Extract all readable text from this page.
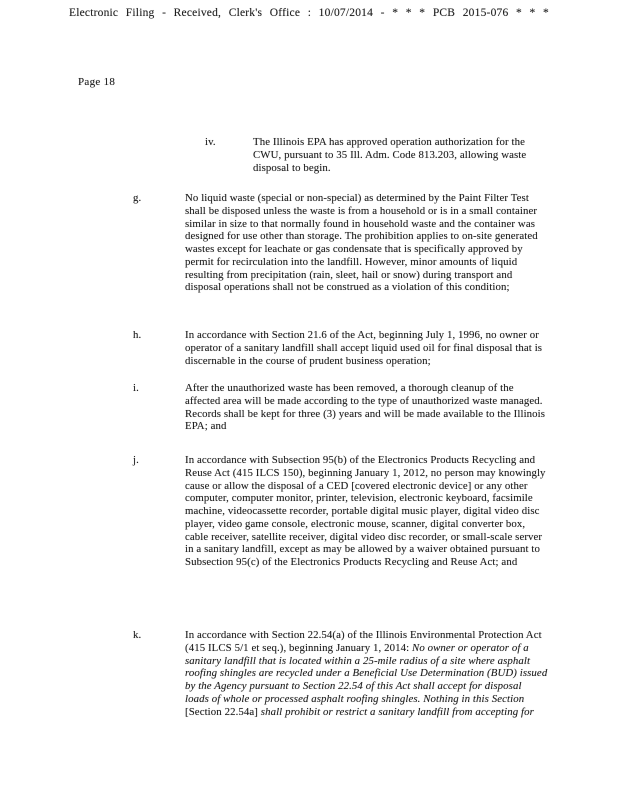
Electronic Filing - Received, Clerk's Office : 10/07/2014 - * * * PCB 2015-076 * * *
Page 18
iv.	The Illinois EPA has approved operation authorization for the CWU, pursuant to 35 Ill. Adm. Code 813.203, allowing waste disposal to begin.
g.	No liquid waste (special or non-special) as determined by the Paint Filter Test shall be disposed unless the waste is from a household or is in a small container similar in size to that normally found in household waste and the container was designed for use other than storage. The prohibition applies to on-site generated wastes except for leachate or gas condensate that is specifically approved by permit for recirculation into the landfill. However, minor amounts of liquid resulting from precipitation (rain, sleet, hail or snow) during transport and disposal operations shall not be construed as a violation of this condition;
h.	In accordance with Section 21.6 of the Act, beginning July 1, 1996, no owner or operator of a sanitary landfill shall accept liquid used oil for final disposal that is discernable in the course of prudent business operation;
i.	After the unauthorized waste has been removed, a thorough cleanup of the affected area will be made according to the type of unauthorized waste managed. Records shall be kept for three (3) years and will be made available to the Illinois EPA; and
j.	In accordance with Subsection 95(b) of the Electronics Products Recycling and Reuse Act (415 ILCS 150), beginning January 1, 2012, no person may knowingly cause or allow the disposal of a CED [covered electronic device] or any other computer, computer monitor, printer, television, electronic keyboard, facsimile machine, videocassette recorder, portable digital music player, digital video disc player, video game console, electronic mouse, scanner, digital converter box, cable receiver, satellite receiver, digital video disc recorder, or small-scale server in a sanitary landfill, except as may be allowed by a waiver obtained pursuant to Subsection 95(c) of the Electronics Products Recycling and Reuse Act; and
k.	In accordance with Section 22.54(a) of the Illinois Environmental Protection Act (415 ILCS 5/1 et seq.), beginning January 1, 2014: No owner or operator of a sanitary landfill that is located within a 25-mile radius of a site where asphalt roofing shingles are recycled under a Beneficial Use Determination (BUD) issued by the Agency pursuant to Section 22.54 of this Act shall accept for disposal loads of whole or processed asphalt roofing shingles. Nothing in this Section [Section 22.54a] shall prohibit or restrict a sanitary landfill from accepting for
